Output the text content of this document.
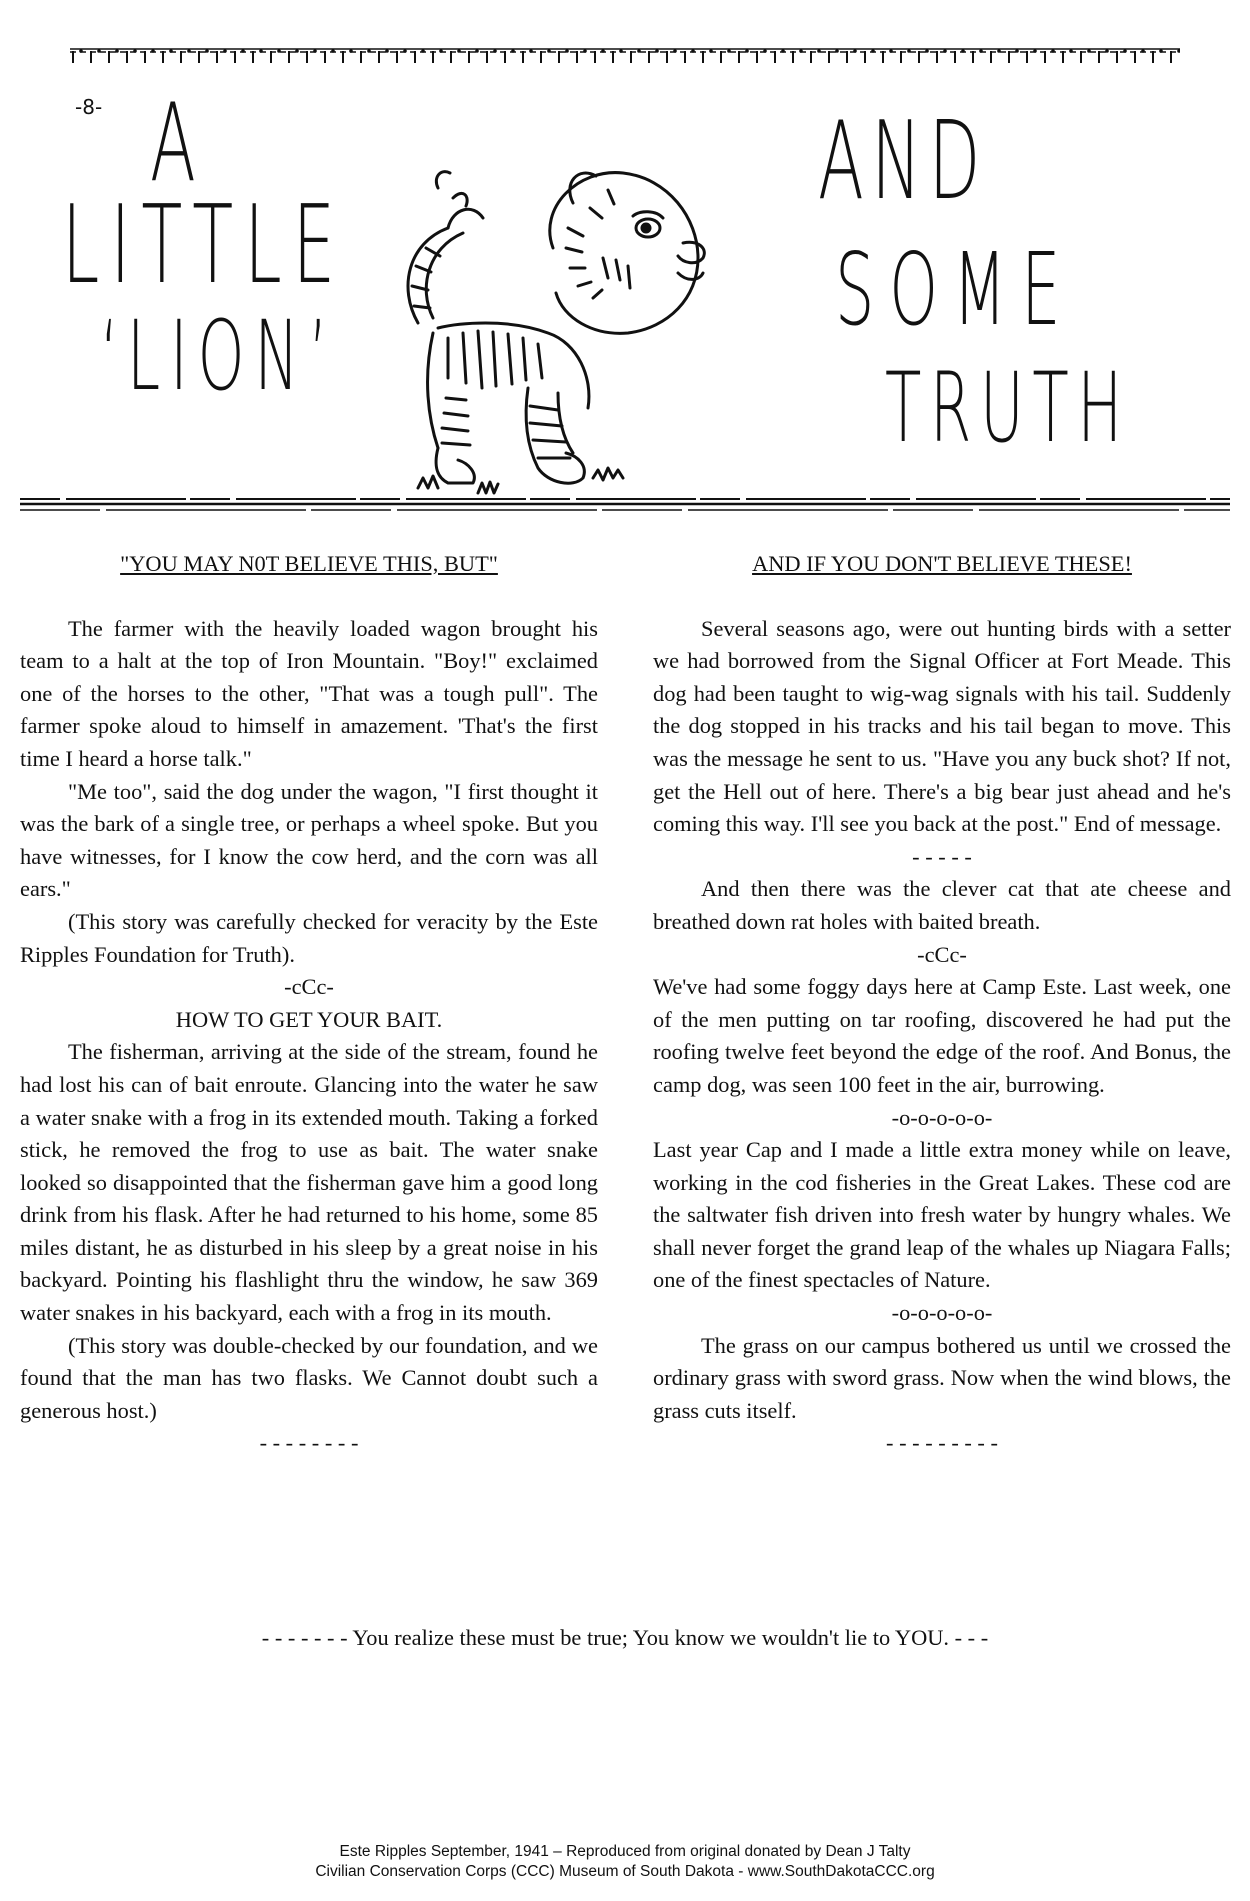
-8- A
LITTLE
‘LION’
AND
SOME
TRUTH
"YOU MAY N0T BELIEVE THIS, BUT"

The farmer with the heavily loaded wagon brought his team to a halt at the top of Iron Mountain. "Boy!" exclaimed one of the horses to the other, "That was a tough pull". The farmer spoke aloud to himself in amazement. 'That's the first time I heard a horse talk."

"Me too", said the dog under the wagon, "I first thought it was the bark of a single tree, or perhaps a wheel spoke. But you have witnesses, for I know the cow herd, and the corn was all ears."

(This story was carefully checked for veracity by the Este Ripples Foundation for Truth).

-cCc-
HOW TO GET YOUR BAIT.

The fisherman, arriving at the side of the stream, found he had lost his can of bait enroute. Glancing into the water he saw a water snake with a frog in its extended mouth. Taking a forked stick, he removed the frog to use as bait. The water snake looked so disappointed that the fisherman gave him a good long drink from his flask. After he had returned to his home, some 85 miles distant, he as disturbed in his sleep by a great noise in his backyard. Pointing his flashlight thru the window, he saw 369 water snakes in his backyard, each with a frog in its mouth.

(This story was double-checked by our foundation, and we found that the man has two flasks. We Cannot doubt such a generous host.)

- - - - - - - -
AND IF YOU DON'T BELIEVE THESE!

Several seasons ago, were out hunting birds with a setter we had borrowed from the Signal Officer at Fort Meade. This dog had been taught to wig-wag signals with his tail. Suddenly the dog stopped in his tracks and his tail began to move. This was the message he sent to us. "Have you any buck shot? If not, get the Hell out of here. There's a big bear just ahead and he's coming this way. I'll see you back at the post." End of message.

- - - - -

And then there was the clever cat that ate cheese and breathed down rat holes with baited breath.

-cCc-

We've had some foggy days here at Camp Este. Last week, one of the men putting on tar roofing, discovered he had put the roofing twelve feet beyond the edge of the roof. And Bonus, the camp dog, was seen 100 feet in the air, burrowing.

-o-o-o-o-o-

Last year Cap and I made a little extra money while on leave, working in the cod fisheries in the Great Lakes. These cod are the saltwater fish driven into fresh water by hungry whales. We shall never forget the grand leap of the whales up Niagara Falls; one of the finest spectacles of Nature.

-o-o-o-o-o-

The grass on our campus bothered us until we crossed the ordinary grass with sword grass. Now when the wind blows, the grass cuts itself.

- - - - - - - - -
- - - - - - - You realize these must be true; You know we wouldn't lie to YOU. - - -
Este Ripples September, 1941 – Reproduced from original donated by Dean J Talty
Civilian Conservation Corps (CCC) Museum of South Dakota - www.SouthDakotaCCC.org
